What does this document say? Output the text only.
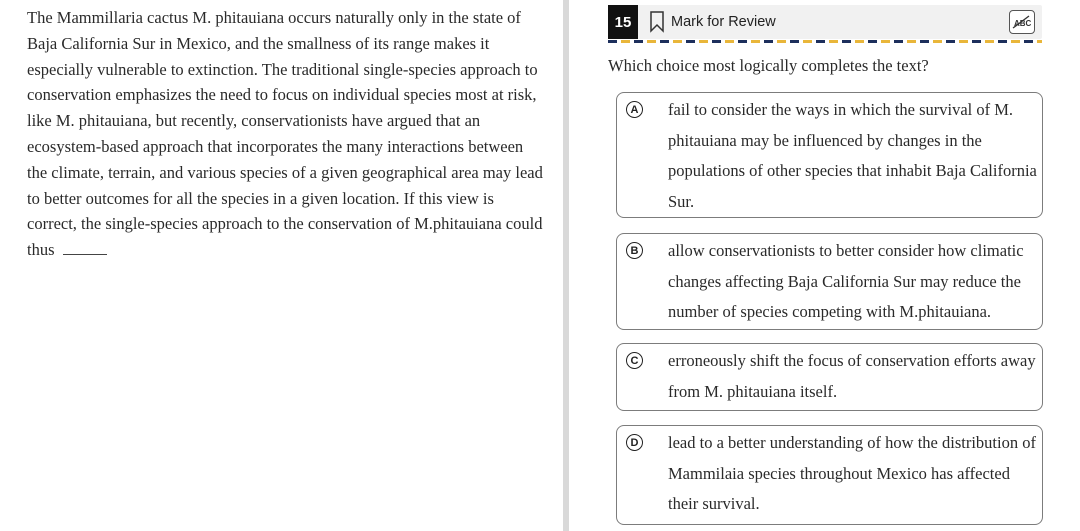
The Mammillaria cactus M. phitauiana occurs naturally only in the state of Baja California Sur in Mexico, and the smallness of its range makes it especially vulnerable to extinction. The traditional single-species approach to conservation emphasizes the need to focus on individual species most at risk, like M. phitauiana, but recently, conservationists have argued that an ecosystem-based approach that incorporates the many interactions between the climate, terrain, and various species of a given geographical area may lead to better outcomes for all the species in a given location. If this view is correct, the single-species approach to the conservation of M.phitauiana could thus
15	Mark for Review	ABC
Which choice most logically completes the text?
A fail to consider the ways in which the survival of M. phitauiana may be influenced by changes in the populations of other species that inhabit Baja California Sur.
B allow conservationists to better consider how climatic changes affecting Baja California Sur may reduce the number of species competing with M.phitauiana.
C erroneously shift the focus of conservation efforts away from M. phitauiana itself.
D lead to a better understanding of how the distribution of Mammilaia species throughout Mexico has affected their survival.
